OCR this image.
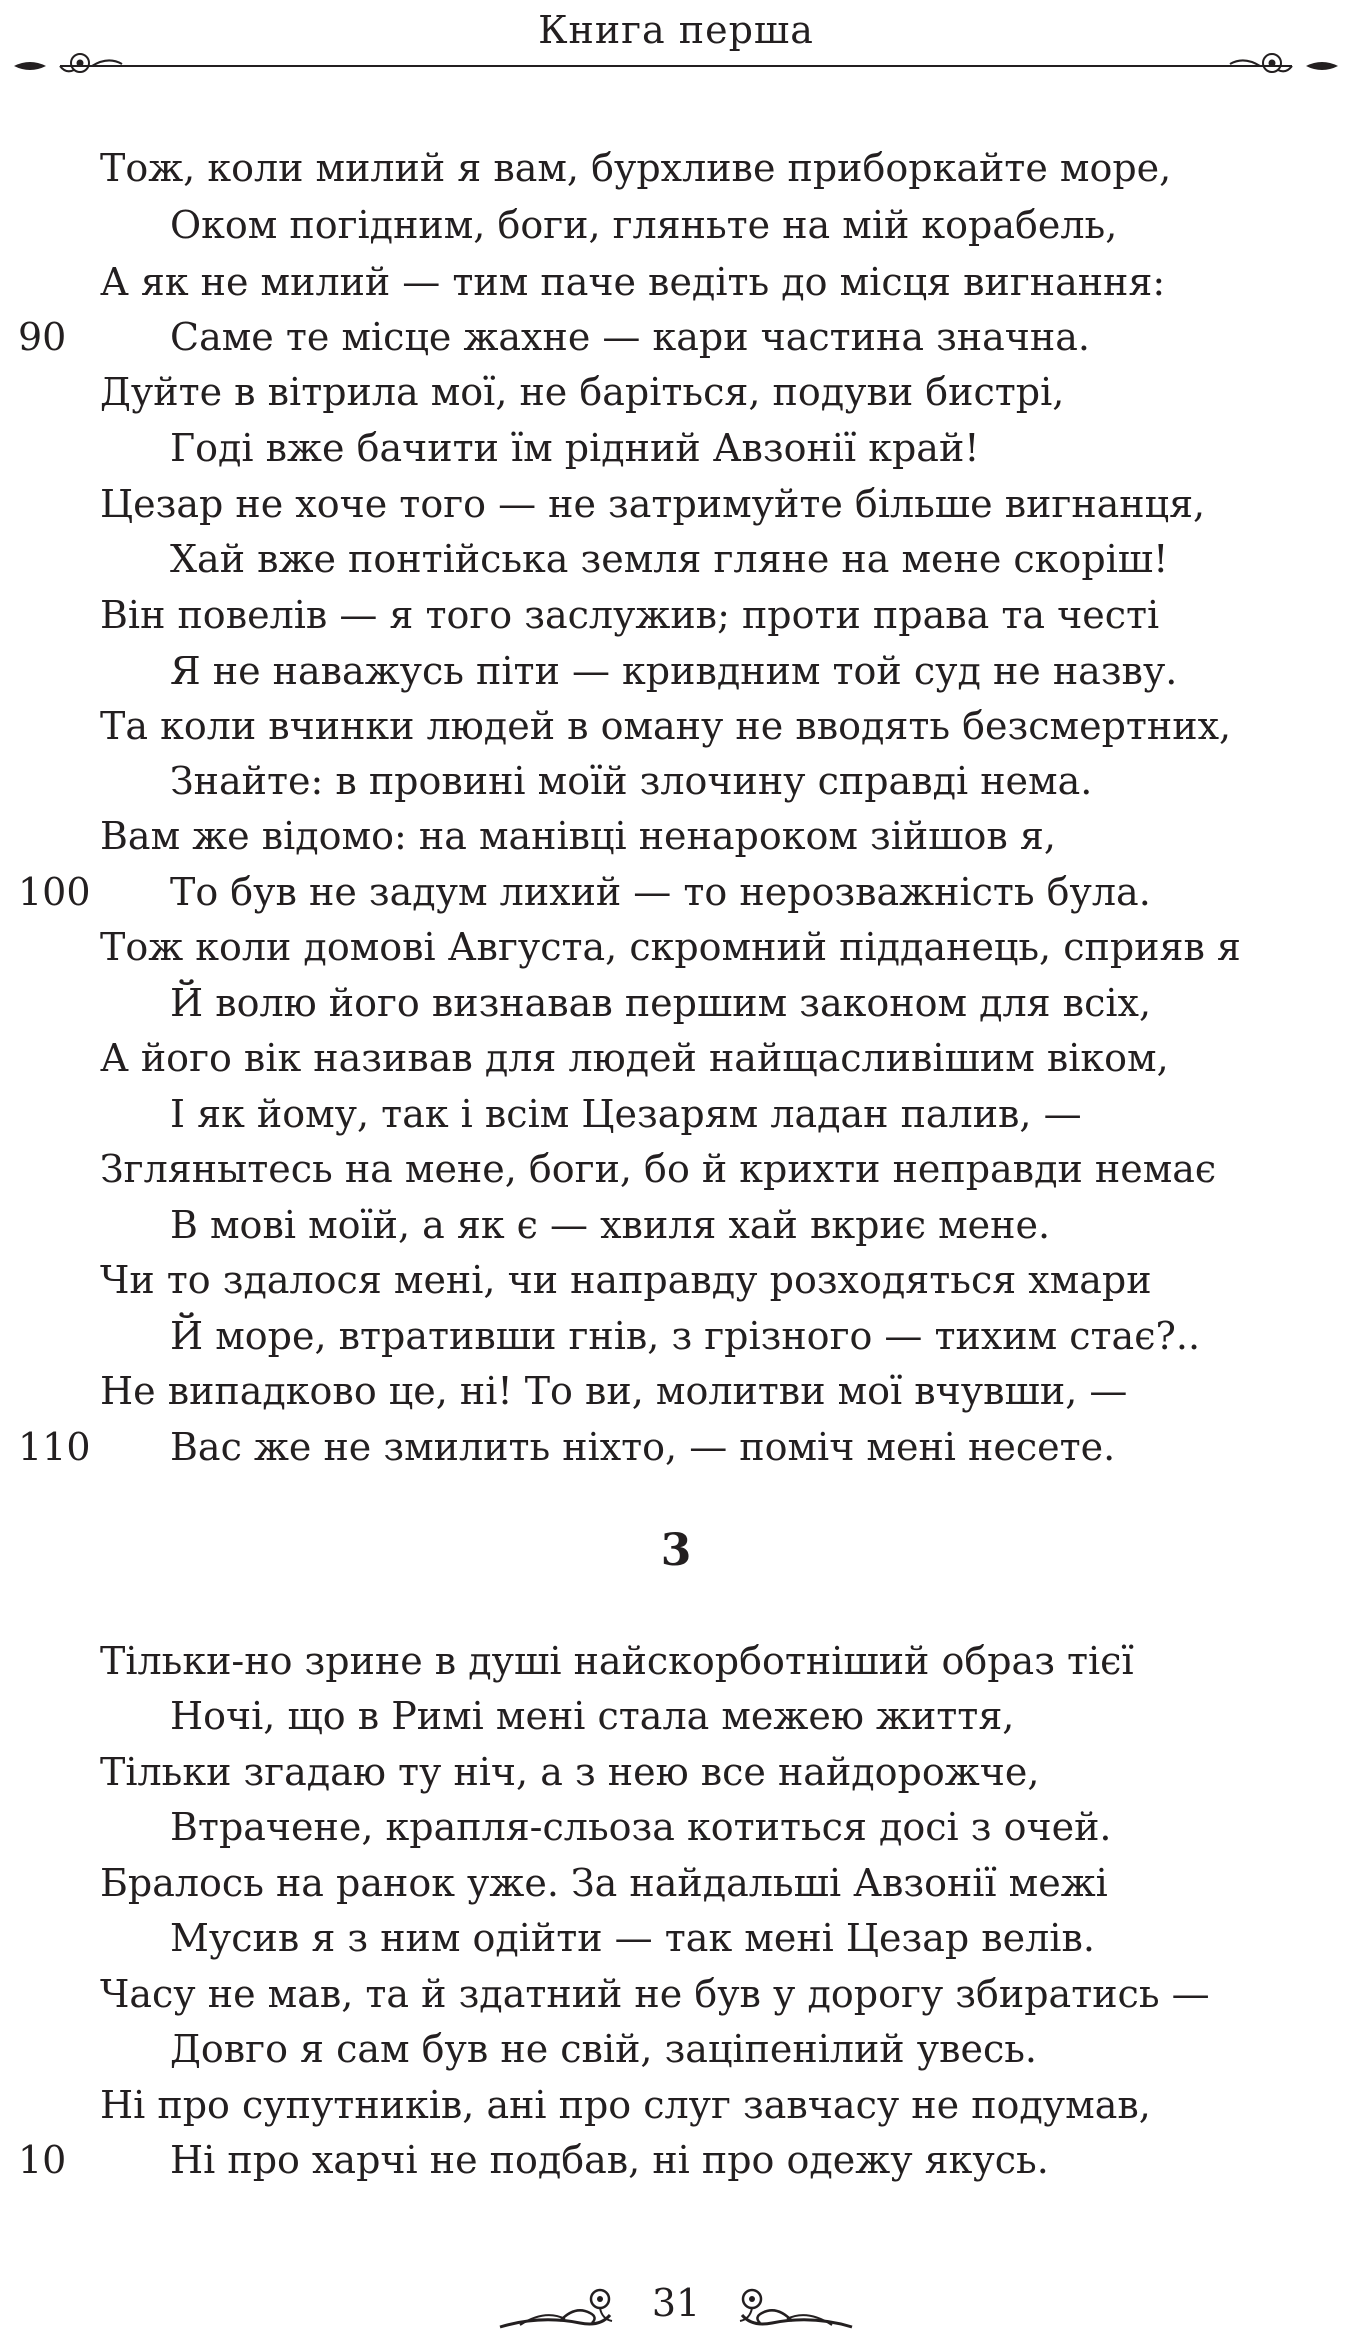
Книга перша
Тож, коли милий я вам, бурхливе приборкайте море,
Оком погідним, боги, гляньте на мій корабель,
А як не милий — тим паче ведіть до місця вигнання:
90	Саме те місце жахне — кари частина значна.
Дуйте в вітрила мої, не баріться, подуви бистрі,
Годі вже бачити їм рідний Авзонії край!
Цезар не хоче того — не затримуйте більше вигнанця,
Хай вже понтійська земля гляне на мене скоріш!
Він повелів — я того заслужив; проти права та честі
Я не наважусь піти — кривдним той суд не назву.
Та коли вчинки людей в оману не вводять безсмертних,
Знайте: в провині моїй злочину справді нема.
Вам же відомо: на манівці ненароком зійшов я,
100 То був не задум лихий — то нерозважність була.
Тож коли домові Августа, скромний підданець, сприяв я
Й волю його визнавав першим законом для всіх,
А його вік називав для людей найщасливішим віком,
І як йому, так і всім Цезарям ладан палив, —
Зглянытесь на мене, боги, бо й крихти неправди немає
В мові моїй, а як є — хвиля хай вкриє мене.
Чи то здалося мені, чи направду розходяться хмари
Й море, втративши гнів, з грізного — тихим стає?..
Не випадково це, ні! То ви, молитви мої вчувши, —
110 Вас же не змилить ніхто, — поміч мені несете.
3
Тільки-но зрине в душі найскорботніший образ тієї
Ночі, що в Римі мені стала межею життя,
Тільки згадаю ту ніч, а з нею все найдорожче,
Втрачене, крапля-сльоза котиться досі з очей.
Бралось на ранок уже. За найдальші Авзонії межі
Мусив я з ним одійти — так мені Цезар велів.
Часу не мав, та й здатний не був у дорогу збиратись —
Довго я сам був не свій, заціпенілий увесь.
Ні про супутників, ані про слуг завчасу не подумав,
10	Ні про харчі не подбав, ні про одежу якусь.
31
